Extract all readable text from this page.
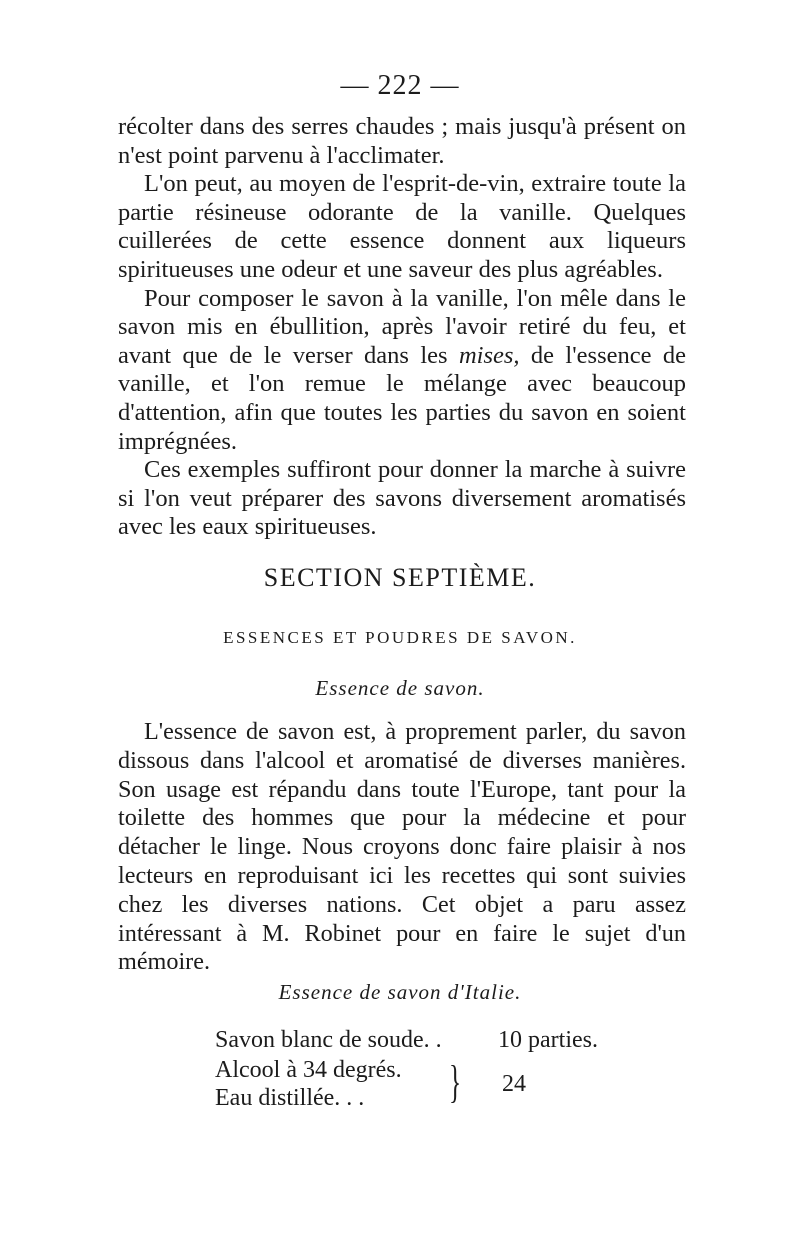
— 222 —

récolter dans des serres chaudes ; mais jusqu'à présent on n'est point parvenu à l'acclimater.

L'on peut, au moyen de l'esprit-de-vin, extraire toute la partie résineuse odorante de la vanille. Quelques cuillerées de cette essence donnent aux liqueurs spiritueuses une odeur et une saveur des plus agréables.

Pour composer le savon à la vanille, l'on mêle dans le savon mis en ébullition, après l'avoir retiré du feu, et avant que de le verser dans les mises, de l'essence de vanille, et l'on remue le mélange avec beaucoup d'attention, afin que toutes les parties du savon en soient imprégnées.

Ces exemples suffiront pour donner la marche à suivre si l'on veut préparer des savons diversement aromatisés avec les eaux spiritueuses.

SECTION SEPTIÈME.
ESSENCES ET POUDRES DE SAVON.
Essence de savon.

L'essence de savon est, à proprement parler, du savon dissous dans l'alcool et aromatisé de diverses manières. Son usage est répandu dans toute l'Europe, tant pour la toilette des hommes que pour la médecine et pour détacher le linge. Nous croyons donc faire plaisir à nos lecteurs en reproduisant ici les recettes qui sont suivies chez les diverses nations. Cet objet a paru assez intéressant à M. Robinet pour en faire le sujet d'un mémoire.

Essence de savon d'Italie.
Savon blanc de soude. . 10 parties.
Alcool à 34 degrés.
Eau distillée. . . } 24
